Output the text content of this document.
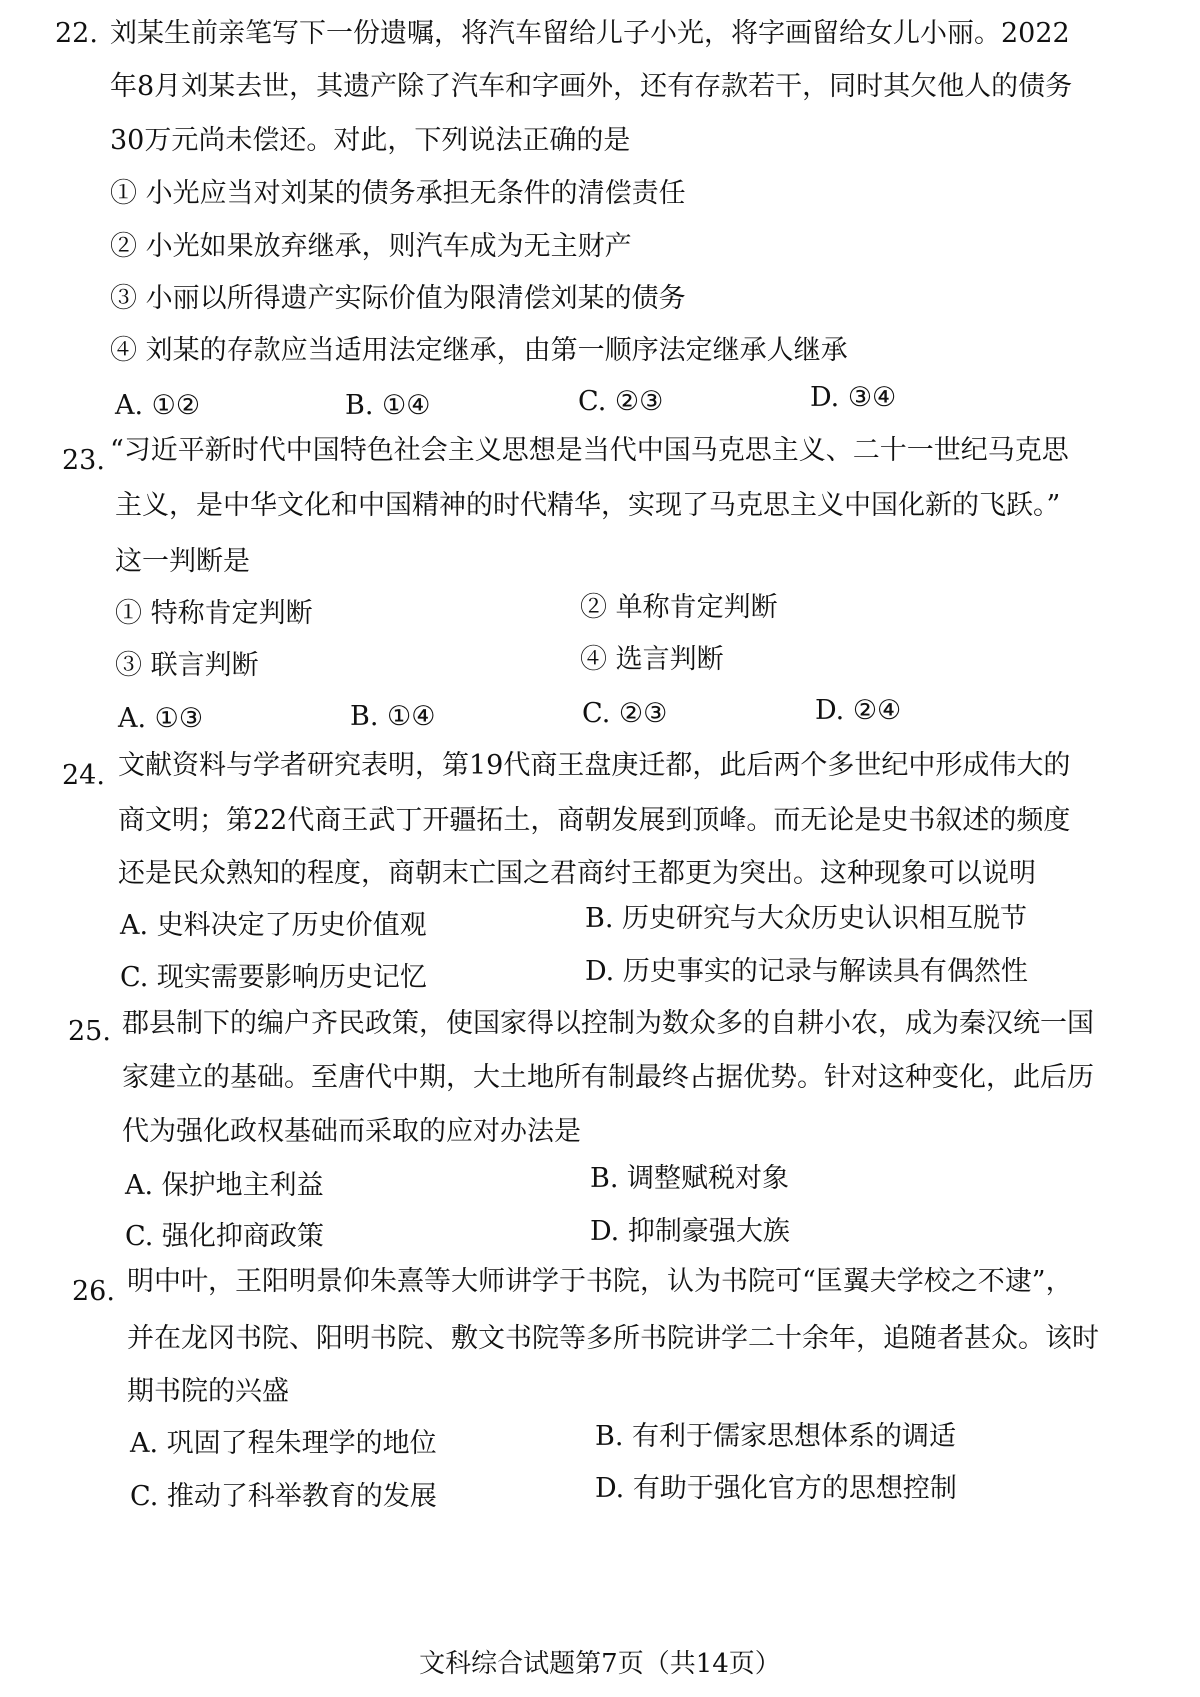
22. 刘某生前亲笔写下一份遗嘱，将汽车留给儿子小光，将字画留给女儿小丽。2022
年8月刘某去世，其遗产除了汽车和字画外，还有存款若干，同时其欠他人的债务
30万元尚未偿还。对此，下列说法正确的是
① 小光应当对刘某的债务承担无条件的清偿责任
② 小光如果放弃继承，则汽车成为无主财产
③ 小丽以所得遗产实际价值为限清偿刘某的债务
④ 刘某的存款应当适用法定继承，由第一顺序法定继承人继承
A. ①②	B. ①④	C. ②③	D. ③④
23. “习近平新时代中国特色社会主义思想是当代中国马克思主义、二十一世纪马克思
主义，是中华文化和中国精神的时代精华，实现了马克思主义中国化新的飞跃。”
这一判断是
① 特称肯定判断	② 单称肯定判断
③ 联言判断	④ 选言判断
A. ①③	B. ①④	C. ②③	D. ②④
24. 文献资料与学者研究表明，第19代商王盘庚迁都，此后两个多世纪中形成伟大的
商文明；第22代商王武丁开疆拓土，商朝发展到顶峰。而无论是史书叙述的频度
还是民众熟知的程度，商朝末亡国之君商纣王都更为突出。这种现象可以说明
A. 史料决定了历史价值观	B. 历史研究与大众历史认识相互脱节
C. 现实需要影响历史记忆	D. 历史事实的记录与解读具有偶然性
25. 郡县制下的编户齐民政策，使国家得以控制为数众多的自耕小农，成为秦汉统一国
家建立的基础。至唐代中期，大土地所有制最终占据优势。针对这种变化，此后历
代为强化政权基础而采取的应对办法是
A. 保护地主利益	B. 调整赋税对象
C. 强化抑商政策	D. 抑制豪强大族
26. 明中叶，王阳明景仰朱熹等大师讲学于书院，认为书院可“匡翼夫学校之不逮”，
并在龙冈书院、阳明书院、敷文书院等多所书院讲学二十余年，追随者甚众。该时
期书院的兴盛
A. 巩固了程朱理学的地位	B. 有利于儒家思想体系的调适
C. 推动了科举教育的发展	D. 有助于强化官方的思想控制
文科综合试题第7页（共14页）
